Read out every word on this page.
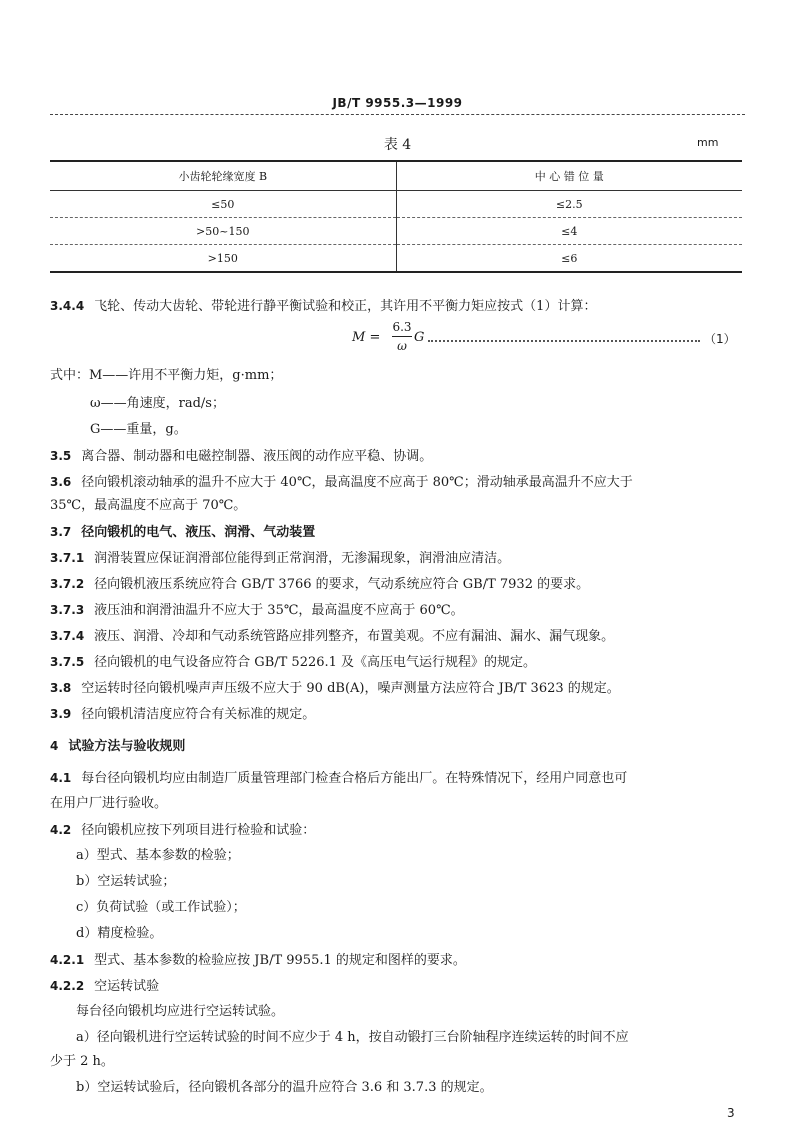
JB/T 9955.3—1999
表 4	mm
小齿轮轮缘宽度 B	中 心 错 位 量
≤50	≤2.5
>50~150	≤4
>150	≤6
3.4.4 飞轮、传动大齿轮、带轮进行静平衡试验和校正，其许用不平衡力矩应按式（1）计算：
$M = \frac{6.3}{\omega}$ G	（1）
式中：M——许用不平衡力矩，g·mm；
ω——角速度，rad/s；
G——重量，g。
3.5 离合器、制动器和电磁控制器、液压阀的动作应平稳、协调。
3.6 径向锻机滚动轴承的温升不应大于 40℃，最高温度不应高于 80℃；滑动轴承最高温升不应大于
35℃，最高温度不应高于 70℃。
3.7 径向锻机的电气、液压、润滑、气动装置
3.7.1 润滑装置应保证润滑部位能得到正常润滑，无渗漏现象，润滑油应清洁。
3.7.2 径向锻机液压系统应符合 GB/T 3766 的要求，气动系统应符合 GB/T 7932 的要求。
3.7.3 液压油和润滑油温升不应大于 35℃，最高温度不应高于 60℃。
3.7.4 液压、润滑、冷却和气动系统管路应排列整齐，布置美观。不应有漏油、漏水、漏气现象。
3.7.5 径向锻机的电气设备应符合 GB/T 5226.1 及《高压电气运行规程》的规定。
3.8 空运转时径向锻机噪声声压级不应大于 90 dB(A)，噪声测量方法应符合 JB/T 3623 的规定。
3.9 径向锻机清洁度应符合有关标准的规定。
4 试验方法与验收规则
4.1 每台径向锻机均应由制造厂质量管理部门检查合格后方能出厂。在特殊情况下，经用户同意也可
在用户厂进行验收。
4.2 径向锻机应按下列项目进行检验和试验：
a）型式、基本参数的检验；
b）空运转试验；
c）负荷试验（或工作试验）；
d）精度检验。
4.2.1 型式、基本参数的检验应按 JB/T 9955.1 的规定和图样的要求。
4.2.2 空运转试验
每台径向锻机均应进行空运转试验。
a）径向锻机进行空运转试验的时间不应少于 4 h，按自动锻打三台阶轴程序连续运转的时间不应
少于 2 h。
b）空运转试验后，径向锻机各部分的温升应符合 3.6 和 3.7.3 的规定。
3
